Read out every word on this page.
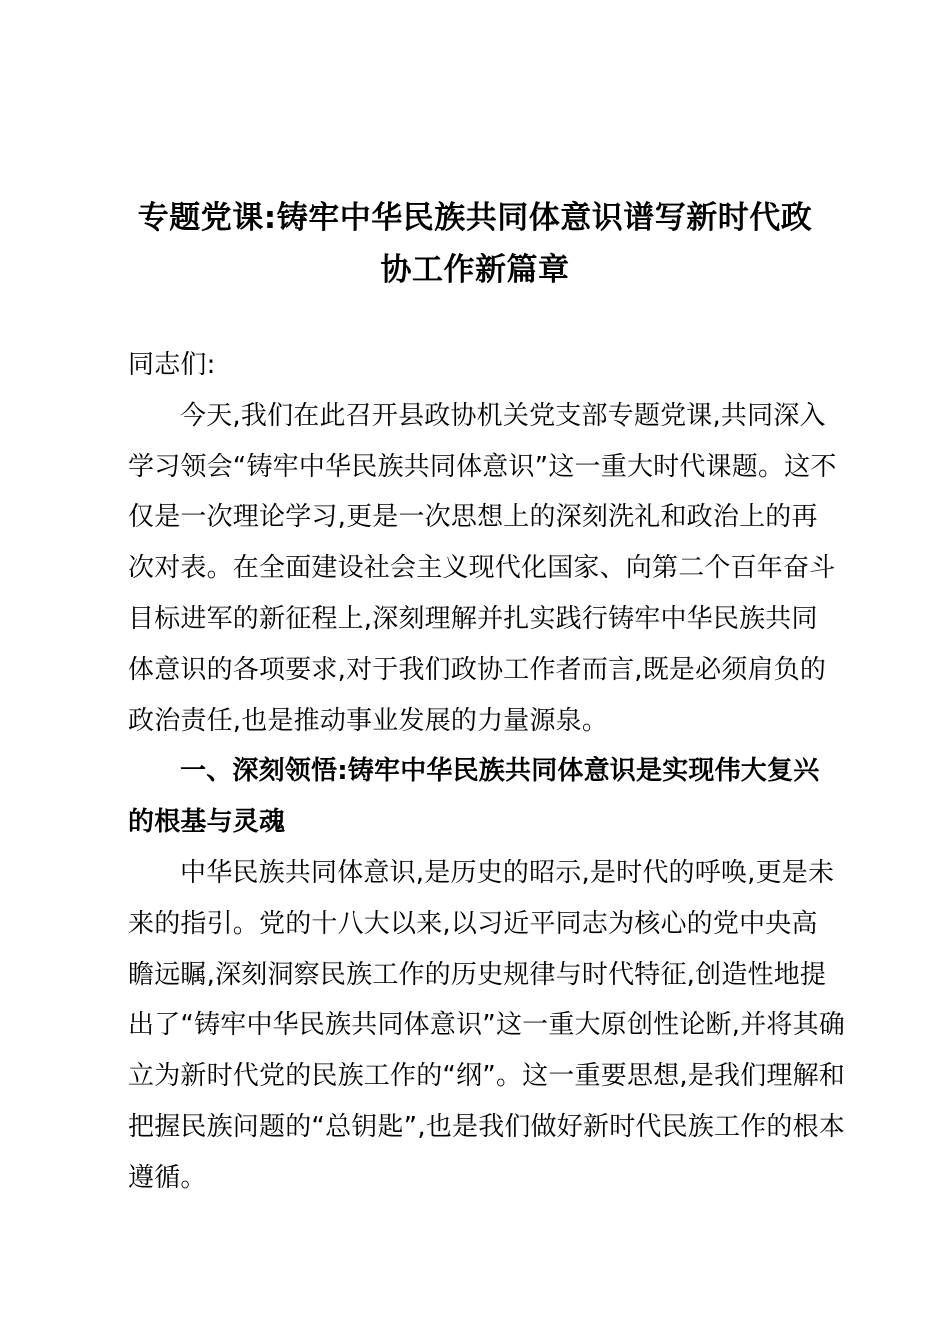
专题党课:铸牢中华民族共同体意识谱写新时代政
协工作新篇章
同志们:
今天,我们在此召开县政协机关党支部专题党课,共同深入
学习领会“铸牢中华民族共同体意识”这一重大时代课题。这不
仅是一次理论学习,更是一次思想上的深刻洗礼和政治上的再
次对表。在全面建设社会主义现代化国家、向第二个百年奋斗
目标进军的新征程上,深刻理解并扎实践行铸牢中华民族共同
体意识的各项要求,对于我们政协工作者而言,既是必须肩负的
政治责任,也是推动事业发展的力量源泉。
一、深刻领悟:铸牢中华民族共同体意识是实现伟大复兴
的根基与灵魂
中华民族共同体意识,是历史的昭示,是时代的呼唤,更是未
来的指引。党的十八大以来,以习近平同志为核心的党中央高
瞻远瞩,深刻洞察民族工作的历史规律与时代特征,创造性地提
出了“铸牢中华民族共同体意识”这一重大原创性论断,并将其确
立为新时代党的民族工作的“纲”。这一重要思想,是我们理解和
把握民族问题的“总钥匙”,也是我们做好新时代民族工作的根本
遵循。
